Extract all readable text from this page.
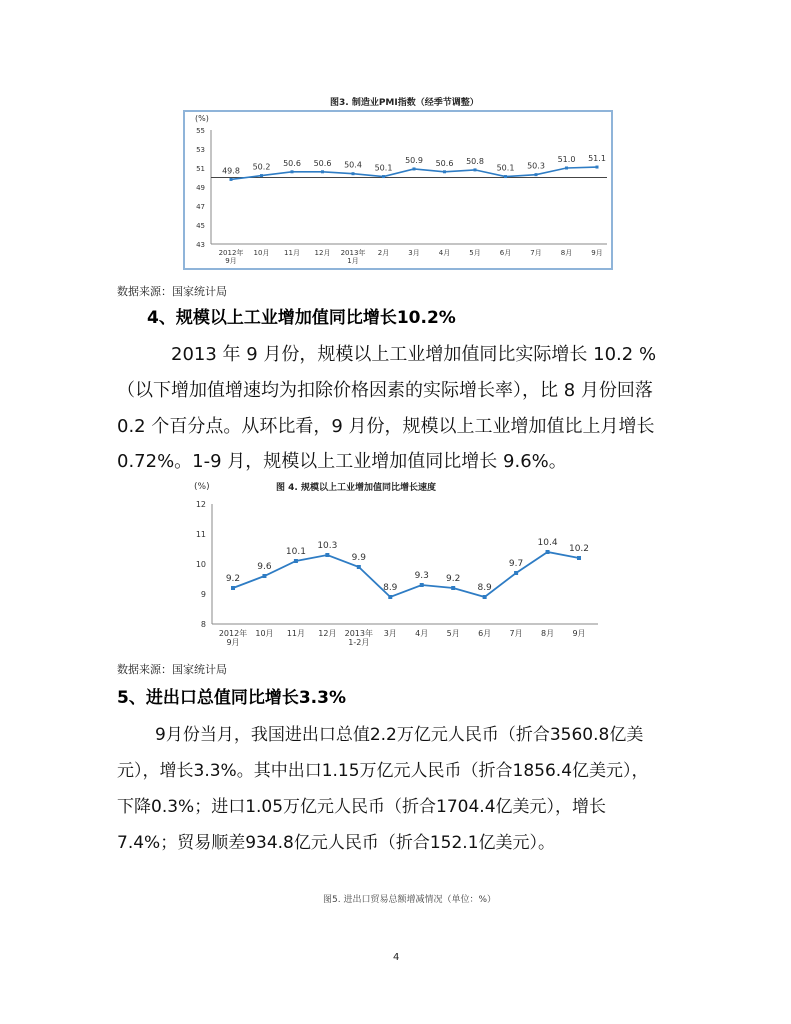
图3. 制造业PMI指数（经季节调整）
55
53
51
49
47
45
43
(%)
49.8 50.2 50.6 50.6 50.4 50.1
50.9 50.6 50.8
50.1 50.3
51.0 51.1
2012年
9月
10月 11月 12月 2013年
1月
2月	3月	4月	5月	6月	7月	8月	9月
数据来源：国家统计局
4、规模以上工业增加值同比增长10.2%
2013 年 9 月份，规模以上工业增加值同比实际增长 10.2 %
（以下增加值增速均为扣除价格因素的实际增长率），比 8 月份回落
0.2 个百分点。从环比看，9 月份，规模以上工业增加值比上月增长
0.72%。1-9 月，规模以上工业增加值同比增长 9.6%。
12
11
10
9
8
(%)	图 4. 规模以上工业增加值同比增长速度
9.2
9.6
10.1
10.3
9.9
8.9
9.3 9.2
8.9
9.7
10.4
10.2
2012年
9月
10月 11月 12月 2013年
1-2月
3月 4月 5月 6月 7月 8月 9月
数据来源：国家统计局
5、进出口总值同比增长3.3%
9月份当月，我国进出口总值2.2万亿元人民币（折合3560.8亿美
元），增长3.3%。其中出口1.15万亿元人民币（折合1856.4亿美元），
下降0.3%；进口1.05万亿元人民币（折合1704.4亿美元），增长
7.4%；贸易顺差934.8亿元人民币（折合152.1亿美元）。
图5. 进出口贸易总额增减情况（单位：%）
4
